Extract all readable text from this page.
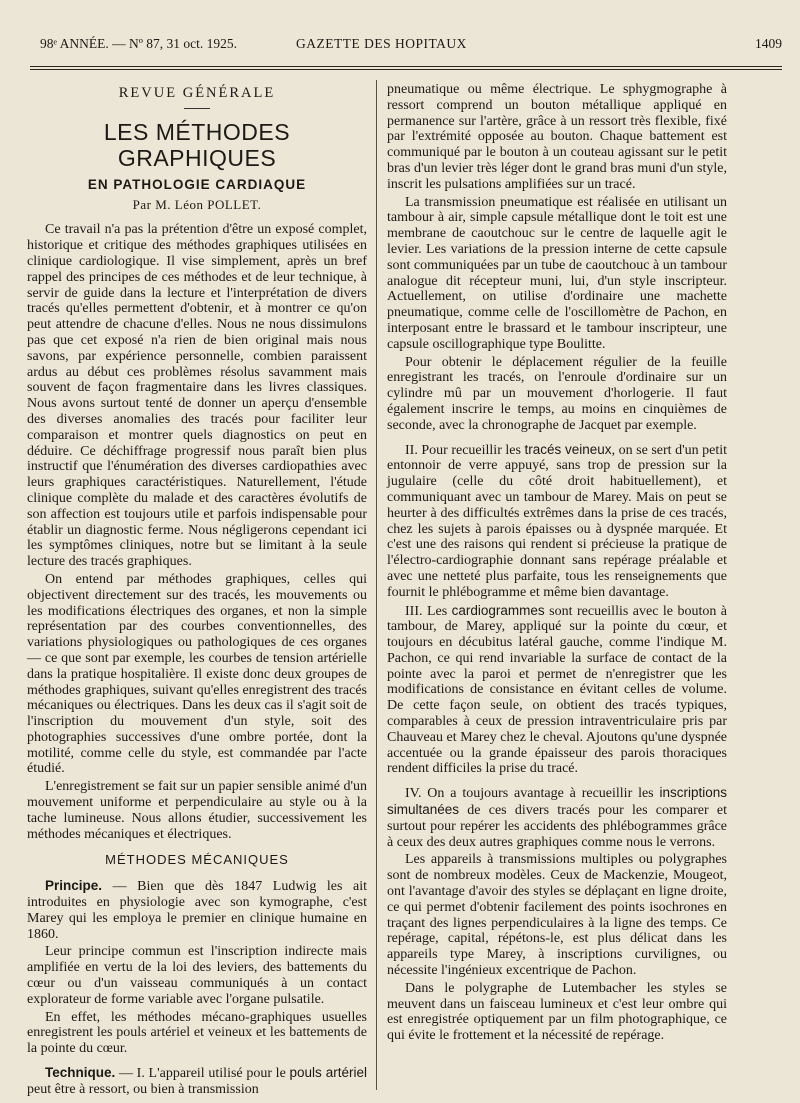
98ᵉ ANNÉE. — Nº 87, 31 oct. 1925.	GAZETTE DES HOPITAUX	1409
REVUE GÉNÉRALE
LES MÉTHODES GRAPHIQUES
EN PATHOLOGIE CARDIAQUE
Par M. Léon POLLET.

Ce travail n'a pas la prétention d'être un exposé complet, historique et critique des méthodes graphiques utilisées en clinique cardiologique. Il vise simplement, après un bref rappel des principes de ces méthodes et de leur technique, à servir de guide dans la lecture et l'interprétation de divers tracés qu'elles permettent d'obtenir, et à montrer ce qu'on peut attendre de chacune d'elles. Nous ne nous dissimulons pas que cet exposé n'a rien de bien original mais nous savons, par expérience personnelle, combien paraissent ardus au début ces problèmes résolus savamment mais souvent de façon fragmentaire dans les livres classiques. Nous avons surtout tenté de donner un aperçu d'ensemble des diverses anomalies des tracés pour faciliter leur comparaison et montrer quels diagnostics on peut en déduire. Ce déchiffrage progressif nous paraît bien plus instructif que l'énumération des diverses cardiopathies avec leurs graphiques caractéristiques. Naturellement, l'étude clinique complète du malade et des caractères évolutifs de son affection est toujours utile et parfois indispensable pour établir un diagnostic ferme. Nous négligerons cependant ici les symptômes cliniques, notre but se limitant à la seule lecture des tracés graphiques.

On entend par méthodes graphiques, celles qui objectivent directement sur des tracés, les mouvements ou les modifications électriques des organes, et non la simple représentation par des courbes conventionnelles, des variations physiologiques ou pathologiques de ces organes — ce que sont par exemple, les courbes de tension artérielle dans la pratique hospitalière. Il existe donc deux groupes de méthodes graphiques, suivant qu'elles enregistrent des tracés mécaniques ou électriques. Dans les deux cas il s'agit soit de l'inscription du mouvement d'un style, soit des photographies successives d'une ombre portée, dont la motilité, comme celle du style, est commandée par l'acte étudié.

L'enregistrement se fait sur un papier sensible animé d'un mouvement uniforme et perpendiculaire au style ou à la tache lumineuse. Nous allons étudier, successivement les méthodes mécaniques et électriques.

MÉTHODES MÉCANIQUES

Principe. — Bien que dès 1847 Ludwig les ait introduites en physiologie avec son kymographe, c'est Marey qui les employa le premier en clinique humaine en 1860.

Leur principe commun est l'inscription indirecte mais amplifiée en vertu de la loi des leviers, des battements du cœur ou d'un vaisseau communiqués à un contact explorateur de forme variable avec l'organe pulsatile.

En effet, les méthodes mécano-graphiques usuelles enregistrent les pouls artériel et veineux et les battements de la pointe du cœur.

Technique. — I. L'appareil utilisé pour le pouls artériel peut être à ressort, ou bien à transmission

pneumatique ou même électrique. Le sphygmographe à ressort comprend un bouton métallique appliqué en permanence sur l'artère, grâce à un ressort très flexible, fixé par l'extrémité opposée au bouton. Chaque battement est communiqué par le bouton à un couteau agissant sur le petit bras d'un levier très léger dont le grand bras muni d'un style, inscrit les pulsations amplifiées sur un tracé.

La transmission pneumatique est réalisée en utilisant un tambour à air, simple capsule métallique dont le toit est une membrane de caoutchouc sur le centre de laquelle agit le levier. Les variations de la pression interne de cette capsule sont communiquées par un tube de caoutchouc à un tambour analogue dit récepteur muni, lui, d'un style inscripteur. Actuellement, on utilise d'ordinaire une machette pneumatique, comme celle de l'oscillomètre de Pachon, en interposant entre le brassard et le tambour inscripteur, une capsule oscillographique type Boulitte.

Pour obtenir le déplacement régulier de la feuille enregistrant les tracés, on l'enroule d'ordinaire sur un cylindre mû par un mouvement d'horlogerie. Il faut également inscrire le temps, au moins en cinquièmes de seconde, avec la chronographe de Jacquet par exemple.

II. Pour recueillir les tracés veineux, on se sert d'un petit entonnoir de verre appuyé, sans trop de pression sur la jugulaire (celle du côté droit habituellement), et communiquant avec un tambour de Marey. Mais on peut se heurter à des difficultés extrêmes dans la prise de ces tracés, chez les sujets à parois épaisses ou à dyspnée marquée. Et c'est une des raisons qui rendent si précieuse la pratique de l'électro-cardiographie donnant sans repérage préalable et avec une netteté plus parfaite, tous les renseignements que fournit le phlébogramme et même bien davantage.

III. Les cardiogrammes sont recueillis avec le bouton à tambour, de Marey, appliqué sur la pointe du cœur, et toujours en décubitus latéral gauche, comme l'indique M. Pachon, ce qui rend invariable la surface de contact de la pointe avec la paroi et permet de n'enregistrer que les modifications de consistance en évitant celles de volume. De cette façon seule, on obtient des tracés typiques, comparables à ceux de pression intraventriculaire pris par Chauveau et Marey chez le cheval. Ajoutons qu'une dyspnée accentuée ou la grande épaisseur des parois thoraciques rendent difficiles la prise du tracé.

IV. On a toujours avantage à recueillir les inscriptions simultanées de ces divers tracés pour les comparer et surtout pour repérer les accidents des phlébogrammes grâce à ceux des deux autres graphiques comme nous le verrons.

Les appareils à transmissions multiples ou polygraphes sont de nombreux modèles. Ceux de Mackenzie, Mougeot, ont l'avantage d'avoir des styles se déplaçant en ligne droite, ce qui permet d'obtenir facilement des points isochrones en traçant des lignes perpendiculaires à la ligne des temps. Ce repérage, capital, répétons-le, est plus délicat dans les appareils type Marey, à inscriptions curvilignes, ou nécessite l'ingénieux excentrique de Pachon.

Dans le polygraphe de Lutembacher les styles se meuvent dans un faisceau lumineux et c'est leur ombre qui est enregistrée optiquement par un film photographique, ce qui évite le frottement et la nécessité de repérage.
